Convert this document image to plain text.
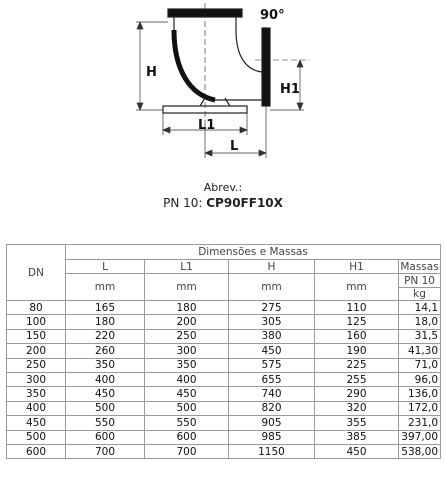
90°
H
H1
L1
L
Abrev.:
PN 10: CP90FF10X
DN	Dimensões e Massas				
	L	L1	H	H1	Massas
	mm	mm	mm	mm	PN 10
					kg
80	165	180	275	110	14,1
100	180	200	305	125	18,0
150	220	250	380	160	31,5
200	260	300	450	190	41,30
250	350	350	575	225	71,0
300	400	400	655	255	96,0
350	450	450	740	290	136,0
400	500	500	820	320	172,0
450	550	550	905	355	231,0
500	600	600	985	385	397,00
600	700	700	1150	450	538,00
